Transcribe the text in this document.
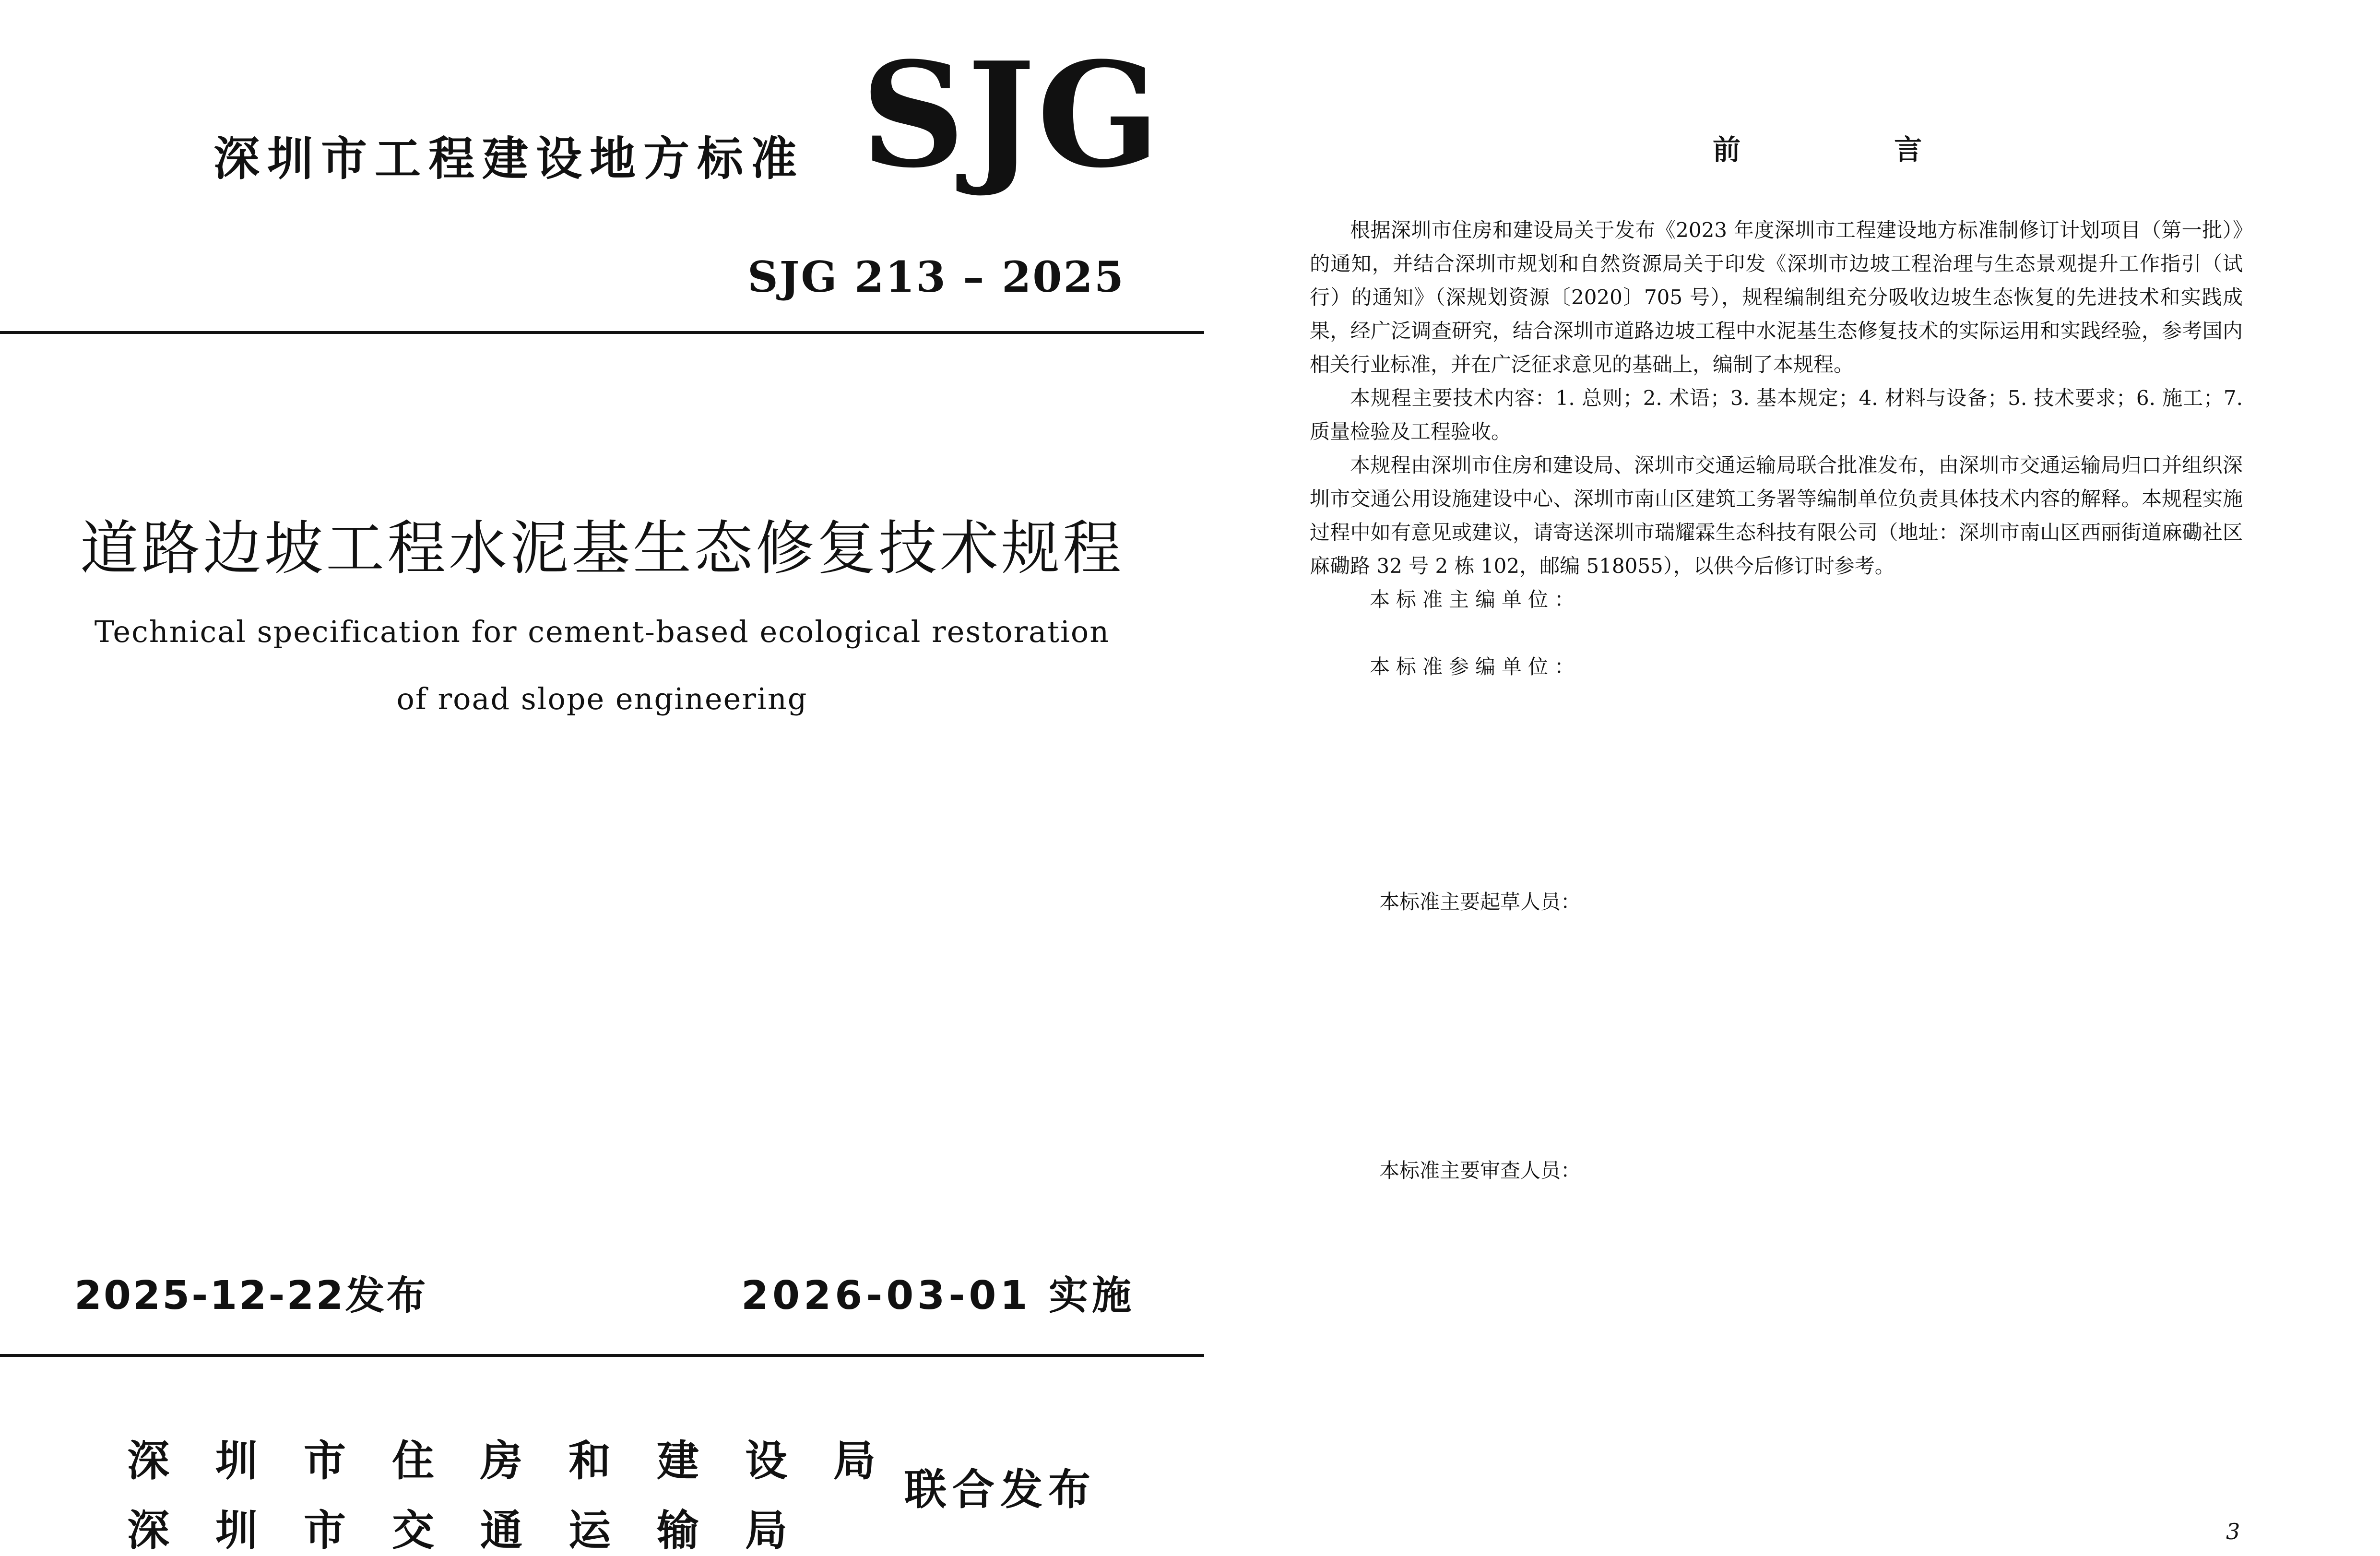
深圳市工程建设地方标准 SJG
SJG 213 – 2025
道路边坡工程水泥基生态修复技术规程
Technical specification for cement-based ecological restoration
of road slope engineering
2025-12-22发布	2026-03-01 实施
深圳市住房和建设局
深圳市交通运输局
联合发布
前 言
根据深圳市住房和建设局关于发布《2023 年度深圳市工程建设地方标准制修订计划项目（第一批）》的通知，并结合深圳市规划和自然资源局关于印发《深圳市边坡工程治理与生态景观提升工作指引（试行）的通知》（深规划资源〔2020〕705 号），规程编制组充分吸收边坡生态恢复的先进技术和实践成果，经广泛调查研究，结合深圳市道路边坡工程中水泥基生态修复技术的实际运用和实践经验，参考国内相关行业标准，并在广泛征求意见的基础上，编制了本规程。
本规程主要技术内容：1. 总则；2. 术语；3. 基本规定；4. 材料与设备；5. 技术要求；6. 施工；7. 质量检验及工程验收。
本规程由深圳市住房和建设局、深圳市交通运输局联合批准发布，由深圳市交通运输局归口并组织深圳市交通公用设施建设中心、深圳市南山区建筑工务署等编制单位负责具体技术内容的解释。本规程实施过程中如有意见或建议，请寄送深圳市瑞耀霖生态科技有限公司（地址：深圳市南山区西丽街道麻磡社区麻磡路 32 号 2 栋 102，邮编 518055），以供今后修订时参考。
本标准主编单位：
本标准参编单位：
本标准主要起草人员：
本标准主要审查人员：
3
